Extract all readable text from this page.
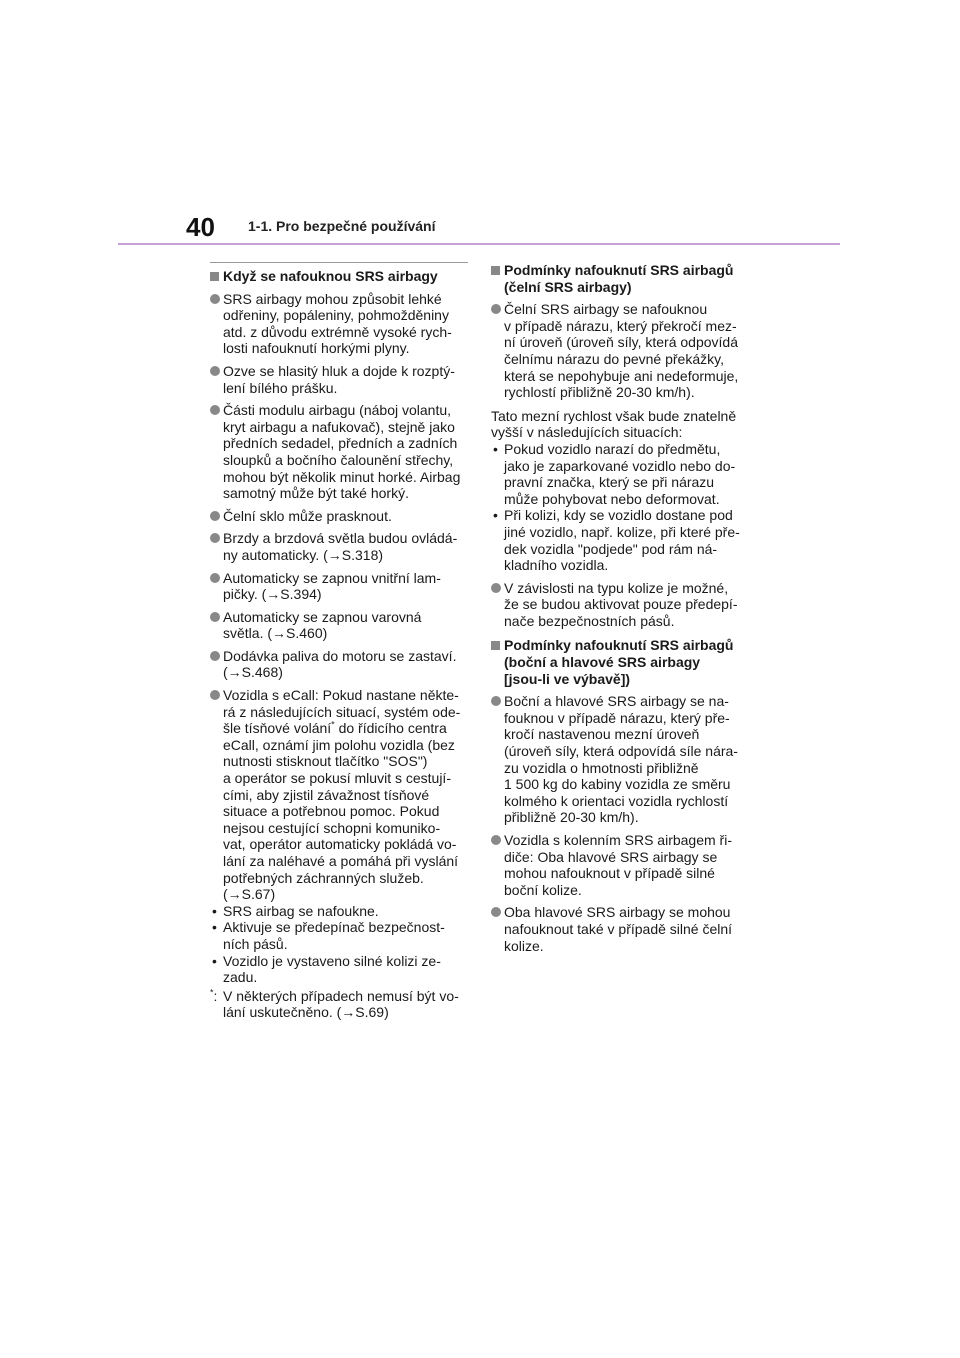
40 1-1. Pro bezpečné používání
Když se nafouknou SRS airbagy
SRS airbagy mohou způsobit lehké
odřeniny, popáleniny, pohmožděniny
atd. z důvodu extrémně vysoké rych-
losti nafouknutí horkými plyny.
Ozve se hlasitý hluk a dojde k rozptý-
lení bílého prášku.
Části modulu airbagu (náboj volantu,
kryt airbagu a nafukovač), stejně jako
předních sedadel, předních a zadních
sloupků a bočního čalounění střechy,
mohou být několik minut horké. Airbag
samotný může být také horký.
Čelní sklo může prasknout.
Brzdy a brzdová světla budou ovládá-
ny automaticky. (→S.318)
Automaticky se zapnou vnitřní lam-
pičky. (→S.394)
Automaticky se zapnou varovná
světla. (→S.460)
Dodávka paliva do motoru se zastaví.
(→S.468)
Vozidla s eCall: Pokud nastane někte-
rá z následujících situací, systém ode-
šle tísňové volání* do řídicího centra
eCall, oznámí jim polohu vozidla (bez
nutnosti stisknout tlačítko "SOS")
a operátor se pokusí mluvit s cestují-
cími, aby zjistil závažnost tísňové
situace a potřebnou pomoc. Pokud
nejsou cestující schopni komuniko-
vat, operátor automaticky pokládá vo-
lání za naléhavé a pomáhá při vyslání
potřebných záchranných služeb.
(→S.67)
• SRS airbag se nafoukne.
• Aktivuje se předepínač bezpečnost-
ních pásů.
• Vozidlo je vystaveno silné kolizi ze-
zadu.
*: V některých případech nemusí být vo-
lání uskutečněno. (→S.69)
Podmínky nafouknutí SRS airbagů
(čelní SRS airbagy)
Čelní SRS airbagy se nafouknou
v případě nárazu, který překročí mez-
ní úroveň (úroveň síly, která odpovídá
čelnímu nárazu do pevné překážky,
která se nepohybuje ani nedeformuje,
rychlostí přibližně 20-30 km/h).
Tato mezní rychlost však bude znatelně
vyšší v následujících situacích:
• Pokud vozidlo narazí do předmětu,
jako je zaparkované vozidlo nebo do-
pravní značka, který se při nárazu
může pohybovat nebo deformovat.
• Při kolizi, kdy se vozidlo dostane pod
jiné vozidlo, např. kolize, při které pře-
dek vozidla "podjede" pod rám ná-
kladního vozidla.
V závislosti na typu kolize je možné,
že se budou aktivovat pouze předepí-
nače bezpečnostních pásů.
Podmínky nafouknutí SRS airbagů
(boční a hlavové SRS airbagy
[jsou-li ve výbavě])
Boční a hlavové SRS airbagy se na-
fouknou v případě nárazu, který pře-
kročí nastavenou mezní úroveň
(úroveň síly, která odpovídá síle nára-
zu vozidla o hmotnosti přibližně
1 500 kg do kabiny vozidla ze směru
kolmého k orientaci vozidla rychlostí
přibližně 20-30 km/h).
Vozidla s kolenním SRS airbagem ři-
diče: Oba hlavové SRS airbagy se
mohou nafouknout v případě silné
boční kolize.
Oba hlavové SRS airbagy se mohou
nafouknout také v případě silné čelní
kolize.
